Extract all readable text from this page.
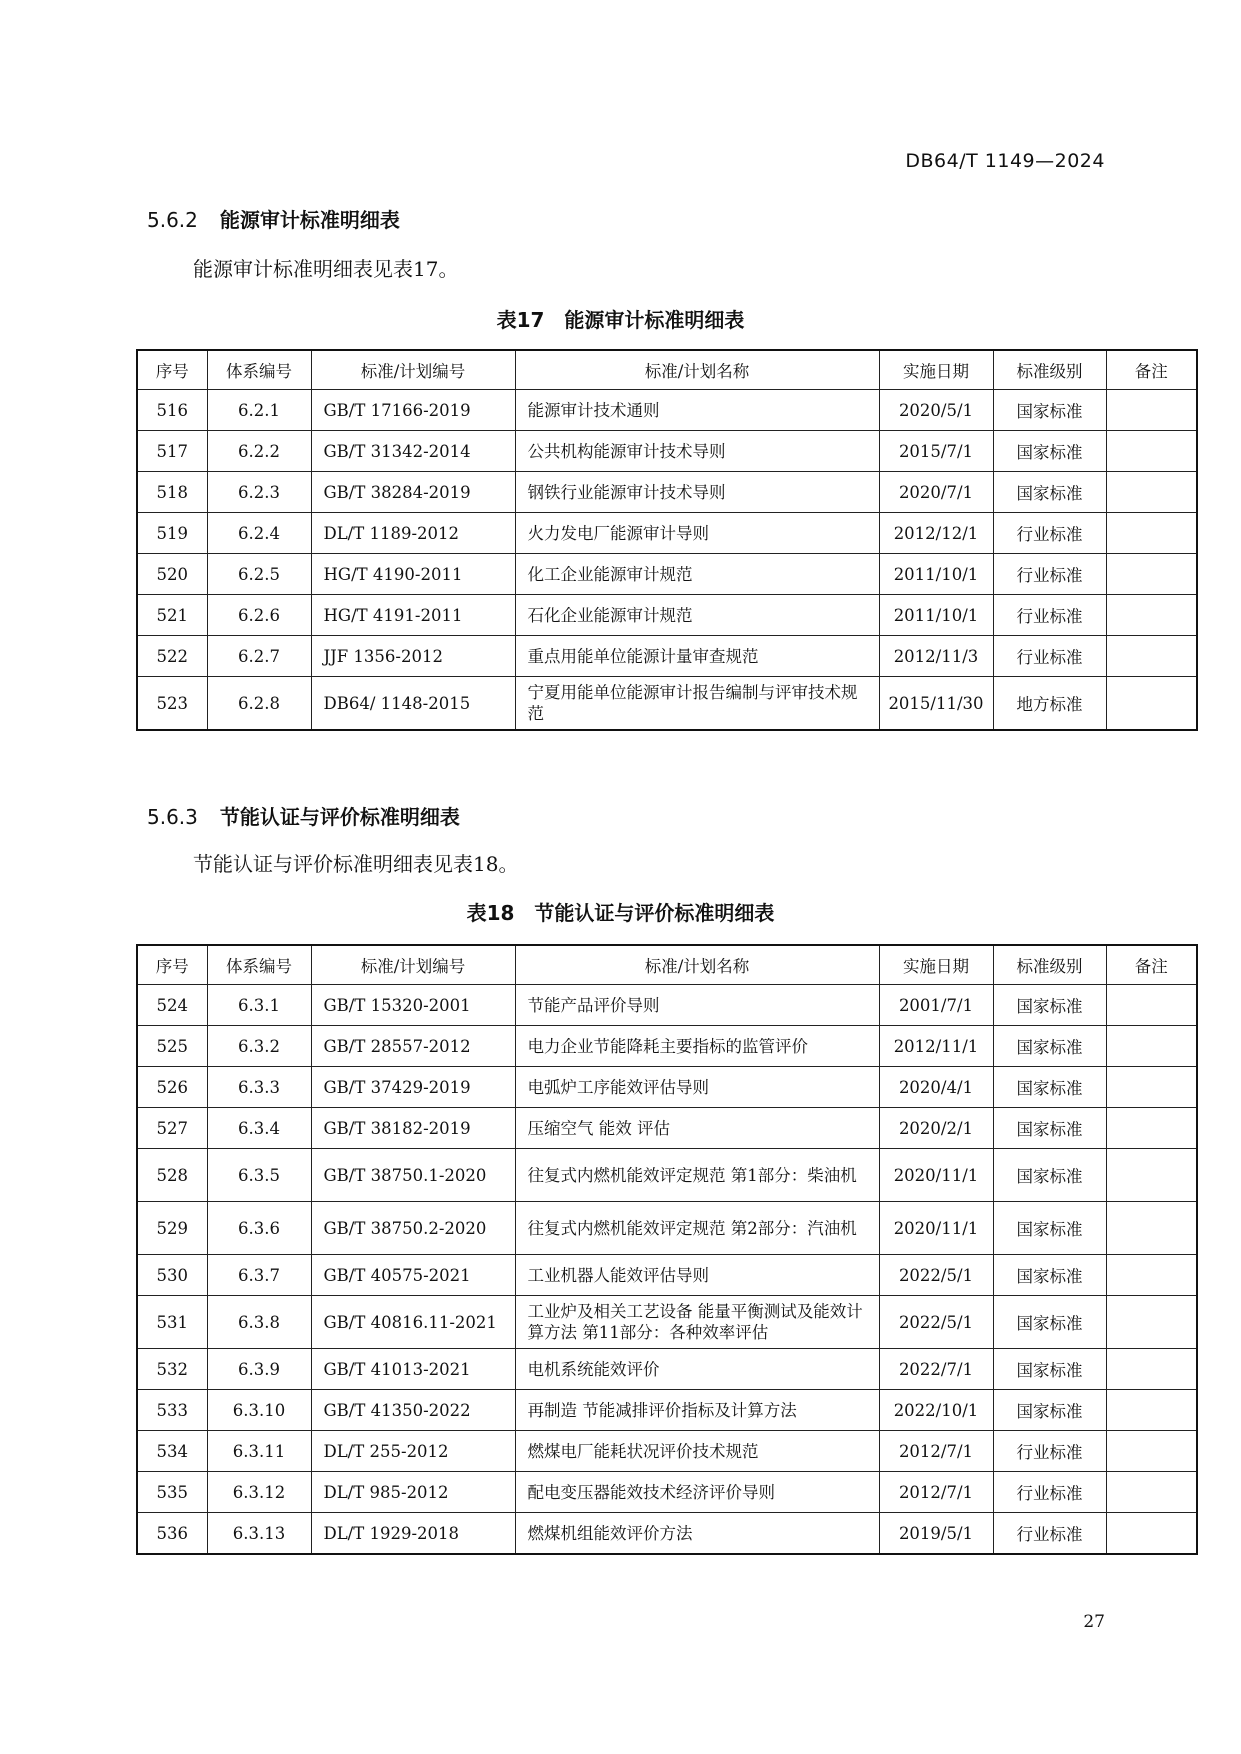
DB64/T 1149—2024
5.6.2 能源审计标准明细表
能源审计标准明细表见表17。
表17 能源审计标准明细表
序号	体系编号	标准/计划编号	标准/计划名称	实施日期	标准级别	备注
516	6.2.1	GB/T 17166-2019	能源审计技术通则	2020/5/1	国家标准	
517	6.2.2	GB/T 31342-2014	公共机构能源审计技术导则	2015/7/1	国家标准	
518	6.2.3	GB/T 38284-2019	钢铁行业能源审计技术导则	2020/7/1	国家标准	
519	6.2.4	DL/T 1189-2012	火力发电厂能源审计导则	2012/12/1	行业标准	
520	6.2.5	HG/T 4190-2011	化工企业能源审计规范	2011/10/1	行业标准	
521	6.2.6	HG/T 4191-2011	石化企业能源审计规范	2011/10/1	行业标准	
522	6.2.7	JJF 1356-2012	重点用能单位能源计量审查规范	2012/11/3	行业标准	
523	6.2.8	DB64/ 1148-2015	宁夏用能单位能源审计报告编制与评审技术规范	2015/11/30	地方标准	
5.6.3 节能认证与评价标准明细表
节能认证与评价标准明细表见表18。
表18 节能认证与评价标准明细表
序号	体系编号	标准/计划编号	标准/计划名称	实施日期	标准级别	备注
524	6.3.1	GB/T 15320-2001	节能产品评价导则	2001/7/1	国家标准	
525	6.3.2	GB/T 28557-2012	电力企业节能降耗主要指标的监管评价	2012/11/1	国家标准	
526	6.3.3	GB/T 37429-2019	电弧炉工序能效评估导则	2020/4/1	国家标准	
527	6.3.4	GB/T 38182-2019	压缩空气 能效 评估	2020/2/1	国家标准	
528	6.3.5	GB/T 38750.1-2020	往复式内燃机能效评定规范 第1部分：柴油机	2020/11/1	国家标准	
529	6.3.6	GB/T 38750.2-2020	往复式内燃机能效评定规范 第2部分：汽油机	2020/11/1	国家标准	
530	6.3.7	GB/T 40575-2021	工业机器人能效评估导则	2022/5/1	国家标准	
531	6.3.8	GB/T 40816.11-2021	工业炉及相关工艺设备 能量平衡测试及能效计算方法 第11部分：各种效率评估	2022/5/1	国家标准	
532	6.3.9	GB/T 41013-2021	电机系统能效评价	2022/7/1	国家标准	
533	6.3.10	GB/T 41350-2022	再制造 节能减排评价指标及计算方法	2022/10/1	国家标准	
534	6.3.11	DL/T 255-2012	燃煤电厂能耗状况评价技术规范	2012/7/1	行业标准	
535	6.3.12	DL/T 985-2012	配电变压器能效技术经济评价导则	2012/7/1	行业标准	
536	6.3.13	DL/T 1929-2018	燃煤机组能效评价方法	2019/5/1	行业标准	
27
